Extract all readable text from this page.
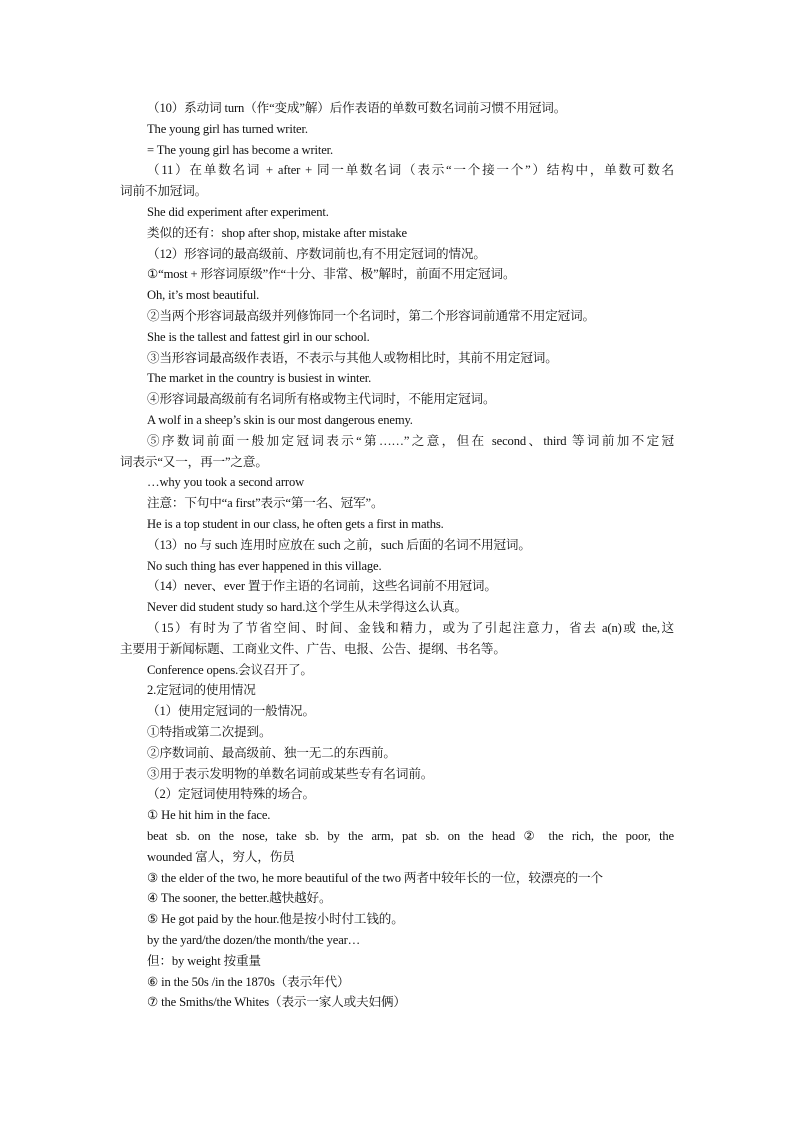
（10）系动词 turn（作“变成”解）后作表语的单数可数名词前习惯不用冠词。
The young girl has turned writer.
= The young girl has become a writer.
（11）在单数名词 + after + 同一单数名词（表示“一个接一个”）结构中，单数可数名
词前不加冠词。
She did experiment after experiment.
类似的还有：shop after shop, mistake after mistake
（12）形容词的最高级前、序数词前也,有不用定冠词的情况。
①“most + 形容词原级”作“十分、非常、极”解时，前面不用定冠词。
Oh, it’s most beautiful.
②当两个形容词最高级并列修饰同一个名词时，第二个形容词前通常不用定冠词。
She is the tallest and fattest girl in our school.
③当形容词最高级作表语，不表示与其他人或物相比时，其前不用定冠词。
The market in the country is busiest in winter.
④形容词最高级前有名词所有格或物主代词时，不能用定冠词。
A wolf in a sheep’s skin is our most dangerous enemy.
⑤序数词前面一般加定冠词表示“第……”之意，但在 second、third 等词前加不定冠
词表示“又一，再一”之意。
…why you took a second arrow
注意：下句中“a first”表示“第一名、冠军”。
He is a top student in our class, he often gets a first in maths.
（13）no 与 such 连用时应放在 such 之前，such 后面的名词不用冠词。
No such thing has ever happened in this village.
（14）never、ever 置于作主语的名词前，这些名词前不用冠词。
Never did student study so hard.这个学生从未学得这么认真。
（15）有时为了节省空间、时间、金钱和精力，或为了引起注意力，省去 a(n)或 the,这
主要用于新闻标题、工商业文件、广告、电报、公告、提纲、书名等。
Conference opens.会议召开了。
2.定冠词的使用情况
（1）使用定冠词的一般情况。
①特指或第二次提到。
②序数词前、最高级前、独一无二的东西前。
③用于表示发明物的单数名词前或某些专有名词前。
（2）定冠词使用特殊的场合。
① He hit him in the face.
beat sb. on the nose, take sb. by the arm, pat sb. on the head ② the rich, the poor, the
wounded 富人，穷人，伤员
③ the elder of the two, he more beautiful of the two 两者中较年长的一位，较漂亮的一个
④ The sooner, the better.越快越好。
⑤ He got paid by the hour.他是按小时付工钱的。
by the yard/the dozen/the month/the year…
但：by weight 按重量
⑥ in the 50s /in the 1870s（表示年代）
⑦ the Smiths/the Whites（表示一家人或夫妇俩）
